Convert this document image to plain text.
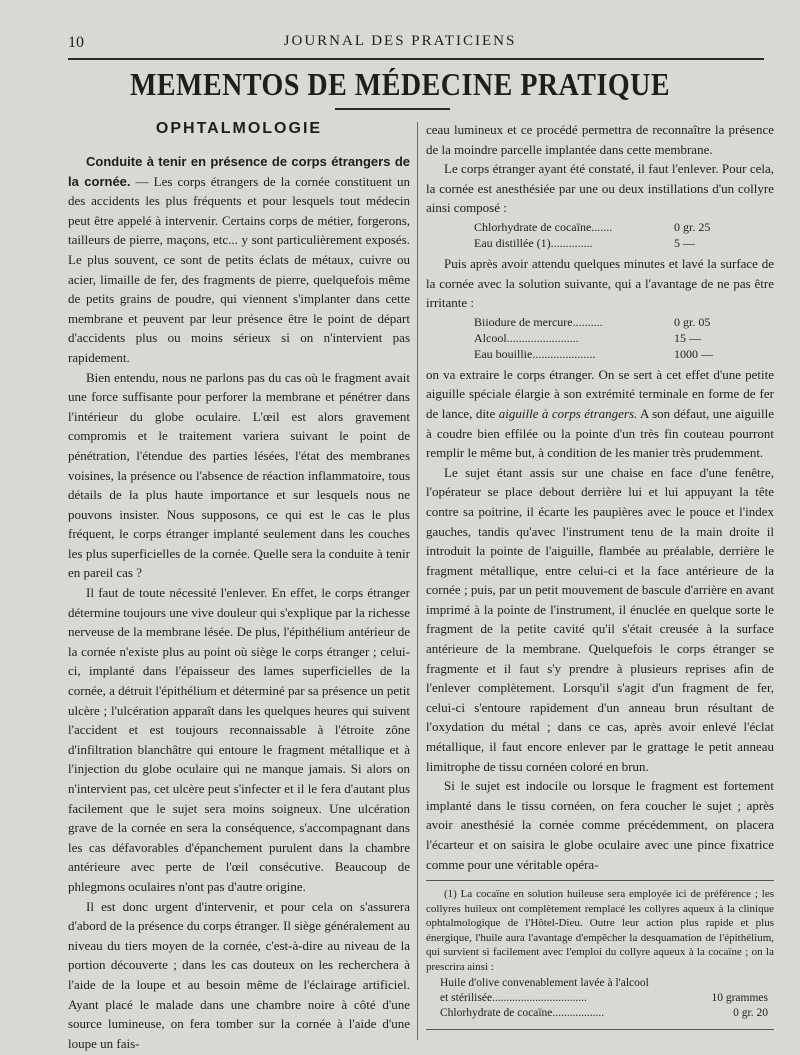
10	JOURNAL DES PRATICIENS
MEMENTOS DE MÉDECINE PRATIQUE
OPHTALMOLOGIE

Conduite à tenir en présence de corps étrangers de la cornée. — Les corps étrangers de la cornée constituent un des accidents les plus fréquents et pour lesquels tout médecin peut être appelé à intervenir. Certains corps de métier, forgerons, tailleurs de pierre, maçons, etc... y sont particulièrement exposés. Le plus souvent, ce sont de petits éclats de métaux, cuivre ou acier, limaille de fer, des fragments de pierre, quelquefois même de petits grains de poudre, qui viennent s'implanter dans cette membrane et peuvent par leur présence être le point de départ d'accidents plus ou moins sérieux si on n'intervient pas rapidement.

Bien entendu, nous ne parlons pas du cas où le fragment avait une force suffisante pour perforer la membrane et pénétrer dans l'intérieur du globe oculaire. L'œil est alors gravement compromis et le traitement variera suivant le point de pénétration, l'étendue des parties lésées, l'état des membranes voisines, la présence ou l'absence de réaction inflammatoire, tous détails de la plus haute importance et sur lesquels nous ne pouvons insister. Nous supposons, ce qui est le cas le plus fréquent, le corps étranger implanté seulement dans les couches les plus superficielles de la cornée. Quelle sera la conduite à tenir en pareil cas ?

Il faut de toute nécessité l'enlever. En effet, le corps étranger détermine toujours une vive douleur qui s'explique par la richesse nerveuse de la membrane lésée. De plus, l'épithélium antérieur de la cornée n'existe plus au point où siège le corps étranger ; celui-ci, implanté dans l'épaisseur des lames superficielles de la cornée, a détruit l'épithélium et déterminé par sa présence un petit ulcère ; l'ulcération apparaît dans les quelques heures qui suivent l'accident et est toujours reconnaissable à l'étroite zône d'infiltration blanchâtre qui entoure le fragment métallique et à l'injection du globe oculaire qui ne manque jamais. Si alors on n'intervient pas, cet ulcère peut s'infecter et il le fera d'autant plus facilement que le sujet sera moins soigneux. Une ulcération grave de la cornée en sera la conséquence, s'accompagnant dans les cas défavorables d'épanchement purulent dans la chambre antérieure avec perte de l'œil consécutive. Beaucoup de phlegmons oculaires n'ont pas d'autre origine.

Il est donc urgent d'intervenir, et pour cela on s'assurera d'abord de la présence du corps étranger. Il siège généralement au niveau du tiers moyen de la cornée, c'est-à-dire au niveau de la portion découverte ; dans les cas douteux on les recherchera à l'aide de la loupe et au besoin même de l'éclairage artificiel. Ayant placé le malade dans une chambre noire à côté d'une source lumineuse, on fera tomber sur la cornée à l'aide d'une loupe un fais-

ceau lumineux et ce procédé permettra de reconnaître la présence de la moindre parcelle implantée dans cette membrane.

Le corps étranger ayant été constaté, il faut l'enlever. Pour cela, la cornée est anesthésiée par une ou deux instillations d'un collyre ainsi composé :

Chlorhydrate de cocaïne.......	0 gr. 25
Eau distillée (1)..............	5 —

Puis après avoir attendu quelques minutes et lavé la surface de la cornée avec la solution suivante, qui a l'avantage de ne pas être irritante :

Biiodure de mercure..........	0 gr. 05
Alcool........................	15 —
Eau bouillie.....................	1000 —

on va extraire le corps étranger. On se sert à cet effet d'une petite aiguille spéciale élargie à son extrémité terminale en forme de fer de lance, dite aiguille à corps étrangers. A son défaut, une aiguille à coudre bien effilée ou la pointe d'un très fin couteau pourront remplir le même but, à condition de les manier très prudemment.

Le sujet étant assis sur une chaise en face d'une fenêtre, l'opérateur se place debout derrière lui et lui appuyant la tête contre sa poitrine, il écarte les paupières avec le pouce et l'index gauches, tandis qu'avec l'instrument tenu de la main droite il introduit la pointe de l'aiguille, flambée au préalable, derrière le fragment métallique, entre celui-ci et la face antérieure de la cornée ; puis, par un petit mouvement de bascule d'arrière en avant imprimé à la pointe de l'instrument, il énuclée en quelque sorte le fragment de la petite cavité qu'il s'était creusée à la surface antérieure de la membrane. Quelquefois le corps étranger se fragmente et il faut s'y prendre à plusieurs reprises afin de l'enlever complètement. Lorsqu'il s'agit d'un fragment de fer, celui-ci s'entoure rapidement d'un anneau brun résultant de l'oxydation du métal ; dans ce cas, après avoir enlevé l'éclat métallique, il faut encore enlever par le grattage le petit anneau limitrophe de tissu cornéen coloré en brun.

Si le sujet est indocile ou lorsque le fragment est fortement implanté dans le tissu cornéen, on fera coucher le sujet ; après avoir anesthésié la cornée comme précédemment, on placera l'écarteur et on saisira le globe oculaire avec une pince fixatrice comme pour une véritable opéra-

(1) La cocaïne en solution huileuse sera employée ici de préférence ; les collyres huileux ont complètement remplacé les collyres aqueux à la clinique ophtalmologique de l'Hôtel-Dieu. Outre leur action plus rapide et plus énergique, l'huile aura l'avantage d'empêcher la desquamation de l'épithélium, qui survient si facilement avec l'emploi du collyre aqueux à la cocaïne ; on la prescrira ainsi :

Huile d'olive convenablement lavée à l'alcool
et stérilisée.................................	10 grammes
Chlorhydrate de cocaïne..................	0 gr. 20
